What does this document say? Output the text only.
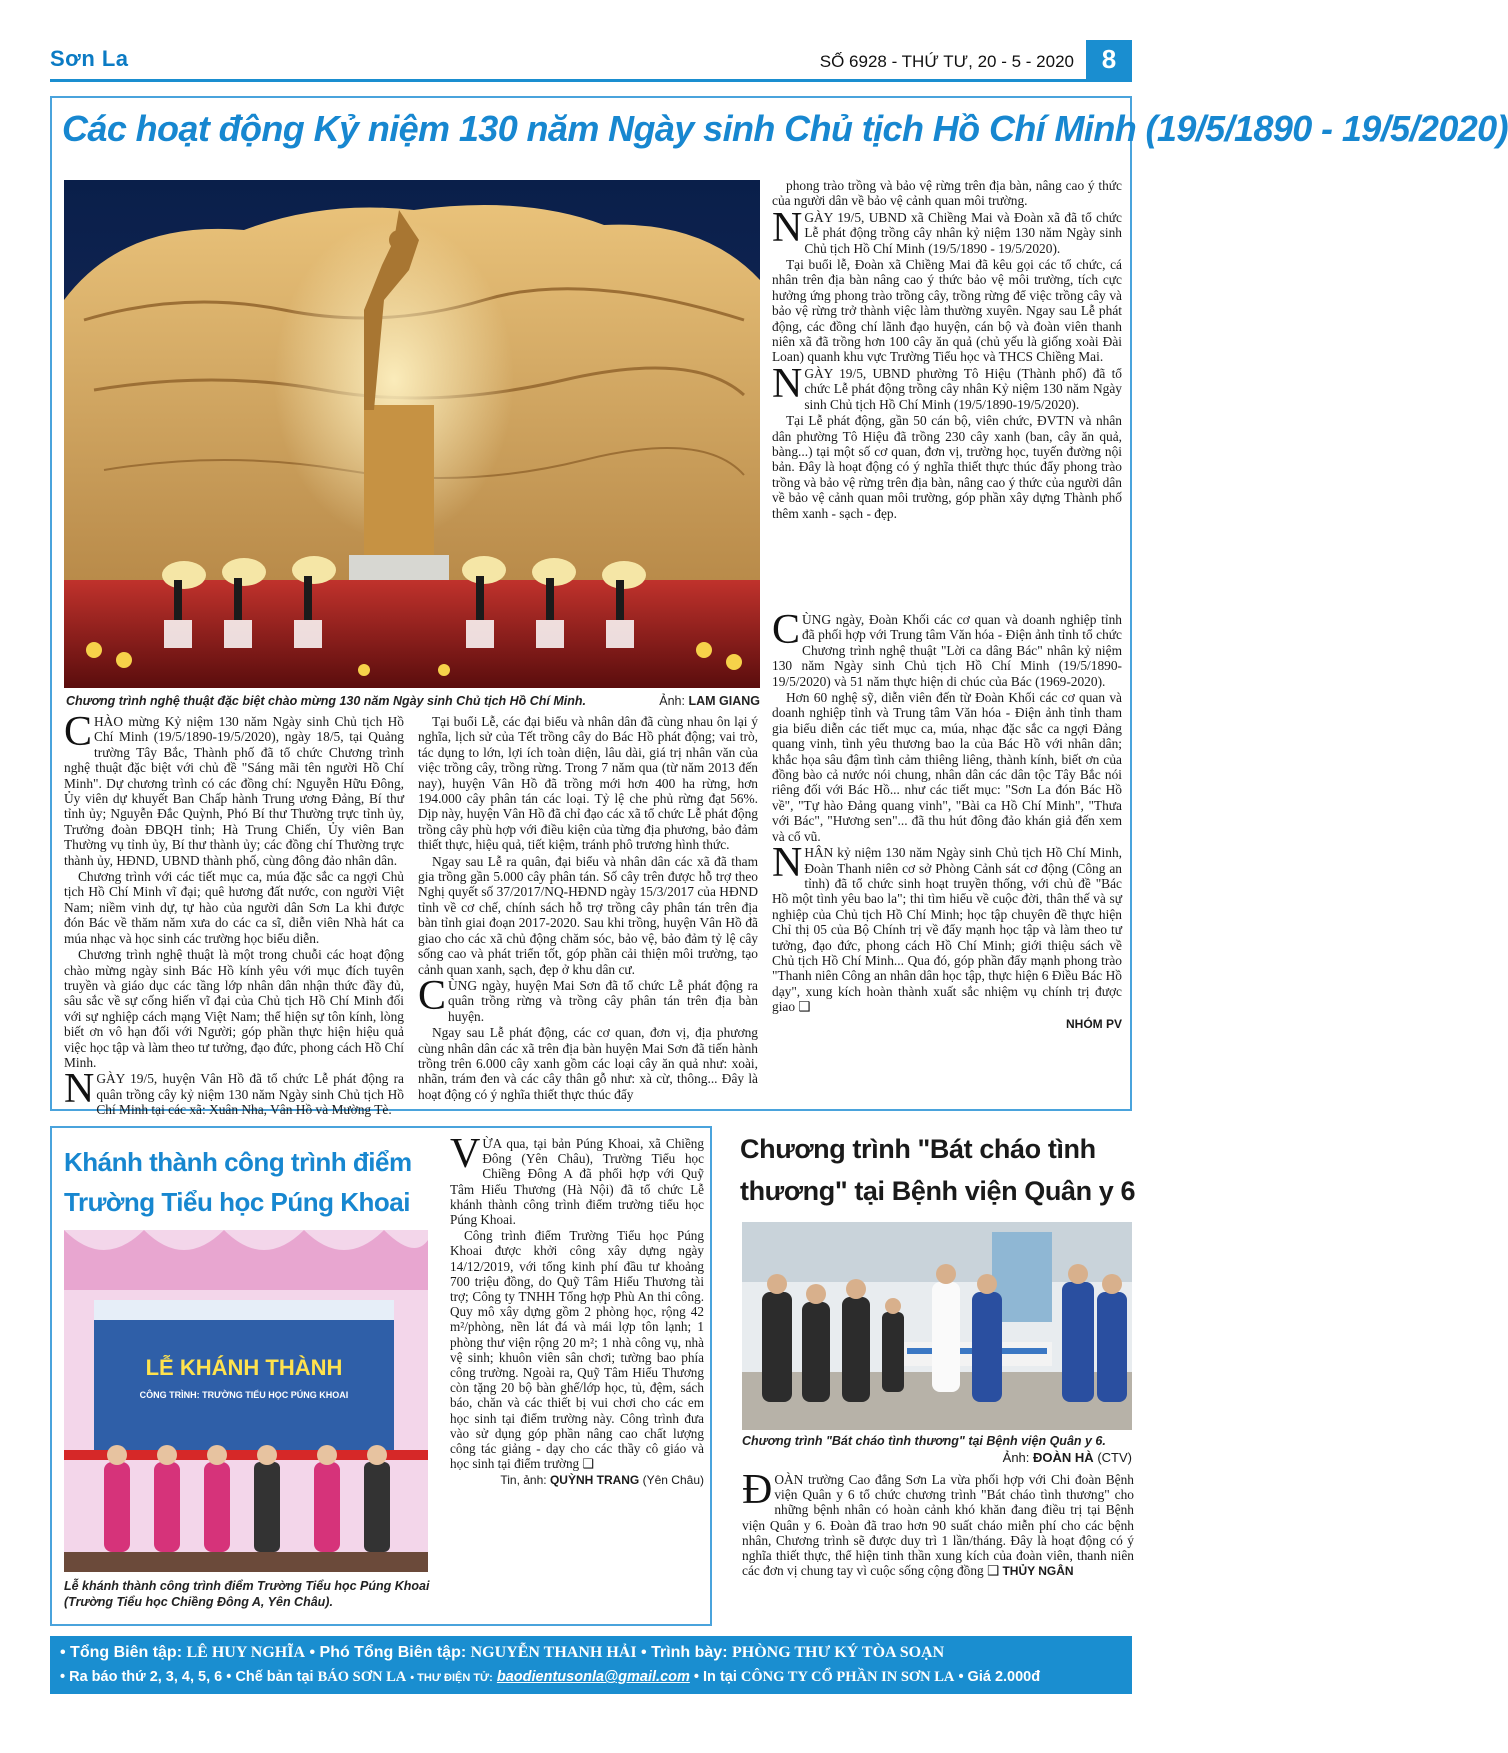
Sơn La	SỐ 6928 - THỨ TƯ, 20 - 5 - 2020	8
Các hoạt động Kỷ niệm 130 năm Ngày sinh Chủ tịch Hồ Chí Minh (19/5/1890 - 19/5/2020)
Chương trình nghệ thuật đặc biệt chào mừng 130 năm Ngày sinh Chủ tịch Hồ Chí Minh.	Ảnh: LAM GIANG

phong trào trồng và bảo vệ rừng trên địa bàn, nâng cao ý thức của người dân về bảo vệ cảnh quan môi trường.

NGÀY 19/5, UBND xã Chiềng Mai và Đoàn xã đã tổ chức Lễ phát động trồng cây nhân kỷ niệm 130 năm Ngày sinh Chủ tịch Hồ Chí Minh (19/5/1890 - 19/5/2020).

Tại buổi lễ, Đoàn xã Chiềng Mai đã kêu gọi các tổ chức, cá nhân trên địa bàn nâng cao ý thức bảo vệ môi trường, tích cực hưởng ứng phong trào trồng cây, trồng rừng để việc trồng cây và bảo vệ rừng trở thành việc làm thường xuyên. Ngay sau Lễ phát động, các đồng chí lãnh đạo huyện, cán bộ và đoàn viên thanh niên xã đã trồng hơn 100 cây ăn quả (chủ yếu là giống xoài Đài Loan) quanh khu vực Trường Tiểu học và THCS Chiềng Mai.

NGÀY 19/5, UBND phường Tô Hiệu (Thành phố) đã tổ chức Lễ phát động trồng cây nhân Kỷ niệm 130 năm Ngày sinh Chủ tịch Hồ Chí Minh (19/5/1890-19/5/2020).

Tại Lễ phát động, gần 50 cán bộ, viên chức, ĐVTN và nhân dân phường Tô Hiệu đã trồng 230 cây xanh (ban, cây ăn quả, bàng...) tại một số cơ quan, đơn vị, trường học, tuyến đường nội bản. Đây là hoạt động có ý nghĩa thiết thực thúc đẩy phong trào trồng và bảo vệ rừng trên địa bàn, nâng cao ý thức của người dân về bảo vệ cảnh quan môi trường, góp phần xây dựng Thành phố thêm xanh - sạch - đẹp.

CHÀO mừng Kỷ niệm 130 năm Ngày sinh Chủ tịch Hồ Chí Minh (19/5/1890-19/5/2020), ngày 18/5, tại Quảng trường Tây Bắc, Thành phố đã tổ chức Chương trình nghệ thuật đặc biệt với chủ đề "Sáng mãi tên người Hồ Chí Minh". Dự chương trình có các đồng chí: Nguyễn Hữu Đông, Ủy viên dự khuyết Ban Chấp hành Trung ương Đảng, Bí thư tỉnh ủy; Nguyễn Đắc Quỳnh, Phó Bí thư Thường trực tỉnh ủy, Trưởng đoàn ĐBQH tỉnh; Hà Trung Chiến, Ủy viên Ban Thường vụ tỉnh ủy, Bí thư thành ủy; các đồng chí Thường trực thành ủy, HĐND, UBND thành phố, cùng đông đảo nhân dân.

Chương trình với các tiết mục ca, múa đặc sắc ca ngợi Chủ tịch Hồ Chí Minh vĩ đại; quê hương đất nước, con người Việt Nam; niềm vinh dự, tự hào của người dân Sơn La khi được đón Bác về thăm năm xưa do các ca sĩ, diễn viên Nhà hát ca múa nhạc và học sinh các trường học biểu diễn.

Chương trình nghệ thuật là một trong chuỗi các hoạt động chào mừng ngày sinh Bác Hồ kính yêu với mục đích tuyên truyền và giáo dục các tầng lớp nhân dân nhận thức đầy đủ, sâu sắc về sự cống hiến vĩ đại của Chủ tịch Hồ Chí Minh đối với sự nghiệp cách mạng Việt Nam; thể hiện sự tôn kính, lòng biết ơn vô hạn đối với Người; góp phần thực hiện hiệu quả việc học tập và làm theo tư tưởng, đạo đức, phong cách Hồ Chí Minh.

NGÀY 19/5, huyện Vân Hồ đã tổ chức Lễ phát động ra quân trồng cây kỷ niệm 130 năm Ngày sinh Chủ tịch Hồ Chí Minh tại các xã: Xuân Nha, Vân Hồ và Mường Tè.

Tại buổi Lễ, các đại biểu và nhân dân đã cùng nhau ôn lại ý nghĩa, lịch sử của Tết trồng cây do Bác Hồ phát động; vai trò, tác dụng to lớn, lợi ích toàn diện, lâu dài, giá trị nhân văn của việc trồng cây, trồng rừng. Trong 7 năm qua (từ năm 2013 đến nay), huyện Vân Hồ đã trồng mới hơn 400 ha rừng, hơn 194.000 cây phân tán các loại. Tỷ lệ che phủ rừng đạt 56%. Dịp này, huyện Vân Hồ đã chỉ đạo các xã tổ chức Lễ phát động trồng cây phù hợp với điều kiện của từng địa phương, bảo đảm thiết thực, hiệu quả, tiết kiệm, tránh phô trương hình thức.

Ngay sau Lễ ra quân, đại biểu và nhân dân các xã đã tham gia trồng gần 5.000 cây phân tán. Số cây trên được hỗ trợ theo Nghị quyết số 37/2017/NQ-HĐND ngày 15/3/2017 của HĐND tỉnh về cơ chế, chính sách hỗ trợ trồng cây phân tán trên địa bàn tỉnh giai đoạn 2017-2020. Sau khi trồng, huyện Vân Hồ đã giao cho các xã chủ động chăm sóc, bảo vệ, bảo đảm tỷ lệ cây sống cao và phát triển tốt, góp phần cải thiện môi trường, tạo cảnh quan xanh, sạch, đẹp ở khu dân cư.

CÙNG ngày, huyện Mai Sơn đã tổ chức Lễ phát động ra quân trồng rừng và trồng cây phân tán trên địa bàn huyện.

Ngay sau Lễ phát động, các cơ quan, đơn vị, địa phương cùng nhân dân các xã trên địa bàn huyện Mai Sơn đã tiến hành trồng trên 6.000 cây xanh gồm các loại cây ăn quả như: xoài, nhãn, trám đen và các cây thân gỗ như: xà cừ, thông... Đây là hoạt động có ý nghĩa thiết thực thúc đẩy

CÙNG ngày, Đoàn Khối các cơ quan và doanh nghiệp tỉnh đã phối hợp với Trung tâm Văn hóa - Điện ảnh tỉnh tổ chức Chương trình nghệ thuật "Lời ca dâng Bác" nhân kỷ niệm 130 năm Ngày sinh Chủ tịch Hồ Chí Minh (19/5/1890-19/5/2020) và 51 năm thực hiện di chúc của Bác (1969-2020).

Hơn 60 nghệ sỹ, diễn viên đến từ Đoàn Khối các cơ quan và doanh nghiệp tỉnh và Trung tâm Văn hóa - Điện ảnh tỉnh tham gia biểu diễn các tiết mục ca, múa, nhạc đặc sắc ca ngợi Đảng quang vinh, tình yêu thương bao la của Bác Hồ với nhân dân; khắc họa sâu đậm tình cảm thiêng liêng, thành kính, biết ơn của đồng bào cả nước nói chung, nhân dân các dân tộc Tây Bắc nói riêng đối với Bác Hồ... như các tiết mục: "Sơn La đón Bác Hồ về", "Tự hào Đảng quang vinh", "Bài ca Hồ Chí Minh", "Thưa với Bác", "Hương sen"... đã thu hút đông đảo khán giả đến xem và cổ vũ.

NHÂN kỷ niệm 130 năm Ngày sinh Chủ tịch Hồ Chí Minh, Đoàn Thanh niên cơ sở Phòng Cảnh sát cơ động (Công an tỉnh) đã tổ chức sinh hoạt truyền thống, với chủ đề "Bác Hồ một tình yêu bao la"; thi tìm hiểu về cuộc đời, thân thế và sự nghiệp của Chủ tịch Hồ Chí Minh; học tập chuyên đề thực hiện Chỉ thị 05 của Bộ Chính trị về đẩy mạnh học tập và làm theo tư tưởng, đạo đức, phong cách Hồ Chí Minh; giới thiệu sách về Chủ tịch Hồ Chí Minh... Qua đó, góp phần đẩy mạnh phong trào "Thanh niên Công an nhân dân học tập, thực hiện 6 Điều Bác Hồ dạy", xung kích hoàn thành xuất sắc nhiệm vụ chính trị được giao ❑

NHÓM PV
Khánh thành công trình điểm Trường Tiểu học Púng Khoai
LỄ KHÁNH THÀNH
CÔNG TRÌNH: TRƯỜNG TIỂU HỌC PÚNG KHOAI
Lễ khánh thành công trình điểm Trường Tiểu học Púng Khoai (Trường Tiểu học Chiềng Đông A, Yên Châu).

VỪA qua, tại bản Púng Khoai, xã Chiềng Đông (Yên Châu), Trường Tiểu học Chiềng Đông A đã phối hợp với Quỹ Tâm Hiếu Thương (Hà Nội) đã tổ chức Lễ khánh thành công trình điểm trường tiểu học Púng Khoai.

Công trình điểm Trường Tiểu học Púng Khoai được khởi công xây dựng ngày 14/12/2019, với tổng kinh phí đầu tư khoảng 700 triệu đồng, do Quỹ Tâm Hiếu Thương tài trợ; Công ty TNHH Tổng hợp Phù An thi công. Quy mô xây dựng gồm 2 phòng học, rộng 42 m²/phòng, nền lát đá và mái lợp tôn lạnh; 1 phòng thư viện rộng 20 m²; 1 nhà công vụ, nhà vệ sinh; khuôn viên sân chơi; tường bao phía công trường. Ngoài ra, Quỹ Tâm Hiếu Thương còn tặng 20 bộ bàn ghế/lớp học, tủ, đệm, sách báo, chăn và các thiết bị vui chơi cho các em học sinh tại điểm trường này. Công trình đưa vào sử dụng góp phần nâng cao chất lượng công tác giảng - dạy cho các thầy cô giáo và học sinh tại điểm trường ❑

Tin, ảnh: QUỲNH TRANG (Yên Châu)
Chương trình "Bát cháo tình thương" tại Bệnh viện Quân y 6
Chương trình "Bát cháo tình thương" tại Bệnh viện Quân y 6.
Ảnh: ĐOÀN HÀ (CTV)

ĐOÀN trường Cao đẳng Sơn La vừa phối hợp với Chi đoàn Bệnh viện Quân y 6 tổ chức chương trình "Bát cháo tình thương" cho những bệnh nhân có hoàn cảnh khó khăn đang điều trị tại Bệnh viện Quân y 6. Đoàn đã trao hơn 90 suất cháo miễn phí cho các bệnh nhân, Chương trình sẽ được duy trì 1 lần/tháng. Đây là hoạt động có ý nghĩa thiết thực, thể hiện tinh thần xung kích của đoàn viên, thanh niên các đơn vị chung tay vì cuộc sống cộng đồng ❑ THỦY NGÂN

• Tổng Biên tập: LÊ HUY NGHĨA • Phó Tổng Biên tập: NGUYỄN THANH HẢI • Trình bày: PHÒNG THƯ KÝ TÒA SOẠN
• Ra báo thứ 2, 3, 4, 5, 6 • Chế bản tại BÁO SƠN LA • THƯ ĐIỆN TỬ: baodientusonla@gmail.com • In tại CÔNG TY CỔ PHẦN IN SƠN LA • Giá 2.000đ
